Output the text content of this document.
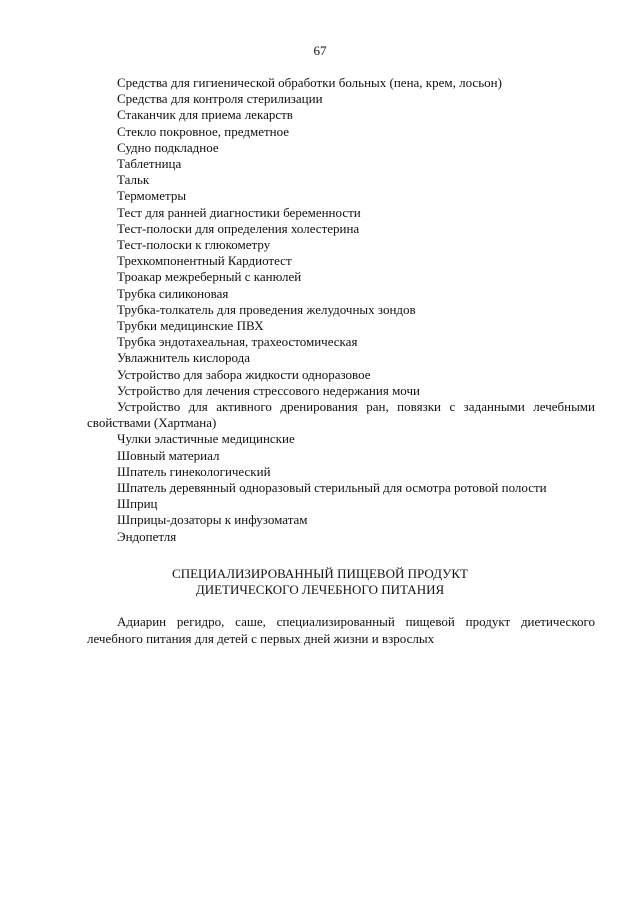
67
Средства для гигиенической обработки больных (пена, крем, лосьон)
Средства для контроля стерилизации
Стаканчик для приема лекарств
Стекло покровное, предметное
Судно подкладное
Таблетница
Тальк
Термометры
Тест для ранней диагностики беременности
Тест-полоски для определения холестерина
Тест-полоски к глюкометру
Трехкомпонентный Кардиотест
Троакар межреберный с канюлей
Трубка силиконовая
Трубка-толкатель для проведения желудочных зондов
Трубки медицинские ПВХ
Трубка эндотахеальная, трахеостомическая
Увлажнитель кислорода
Устройство для забора жидкости одноразовое
Устройство для лечения стрессового недержания мочи
Устройство для активного дренирования ран, повязки с заданными лечебными свойствами (Хартмана)
Чулки эластичные медицинские
Шовный материал
Шпатель гинекологический
Шпатель деревянный одноразовый стерильный для осмотра ротовой полости
Шприц
Шприцы-дозаторы к инфузоматам
Эндопетля
СПЕЦИАЛИЗИРОВАННЫЙ ПИЩЕВОЙ ПРОДУКТ
ДИЕТИЧЕСКОГО ЛЕЧЕБНОГО ПИТАНИЯ

Адиарин регидро, саше, специализированный пищевой продукт диетического лечебного питания для детей с первых дней жизни и взрослых
